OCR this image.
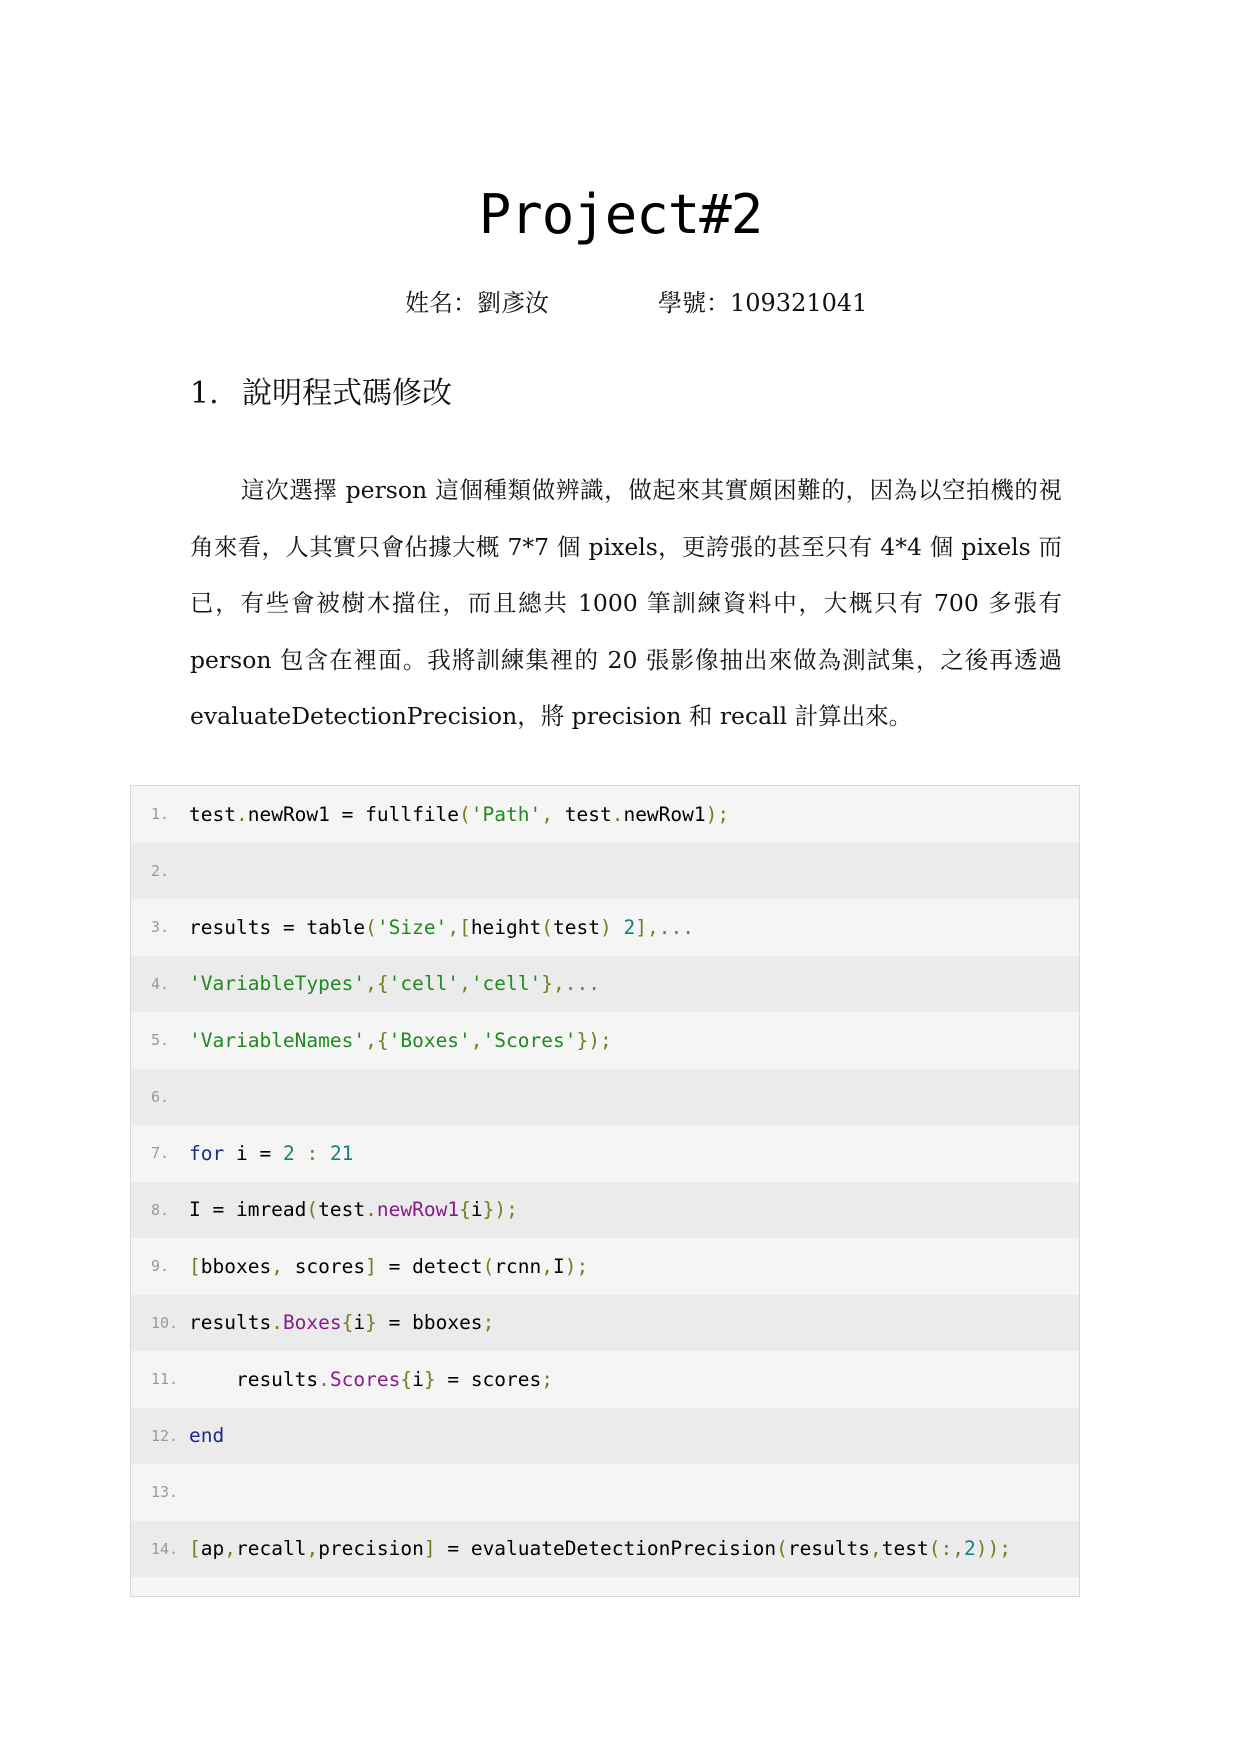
Project#2
姓名：劉彥汝	學號：109321041
1. 說明程式碼修改

這次選擇 person 這個種類做辨識，做起來其實頗困難的，因為以空拍機的視角來看，人其實只會佔據大概 7*7 個 pixels，更誇張的甚至只有 4*4 個 pixels 而已，有些會被樹木擋住，而且總共 1000 筆訓練資料中，大概只有 700 多張有 person 包含在裡面。我將訓練集裡的 20 張影像抽出來做為測試集，之後再透過 evaluateDetectionPrecision，將 precision 和 recall 計算出來。

1.	test.newRow1 = fullfile('Path', test.newRow1);
2.
3.	results = table('Size',[height(test) 2],...
4.	'VariableTypes',{'cell','cell'},...
5.	'VariableNames',{'Boxes','Scores'});
6.
7.	for i = 2 : 21
8.	I = imread(test.newRow1{i});
9.	[bboxes, scores] = detect(rcnn,I);
10. results.Boxes{i} = bboxes;
11. results.Scores{i} = scores;
12. end
13.
14. [ap,recall,precision] = evaluateDetectionPrecision(results,test(:,2));
